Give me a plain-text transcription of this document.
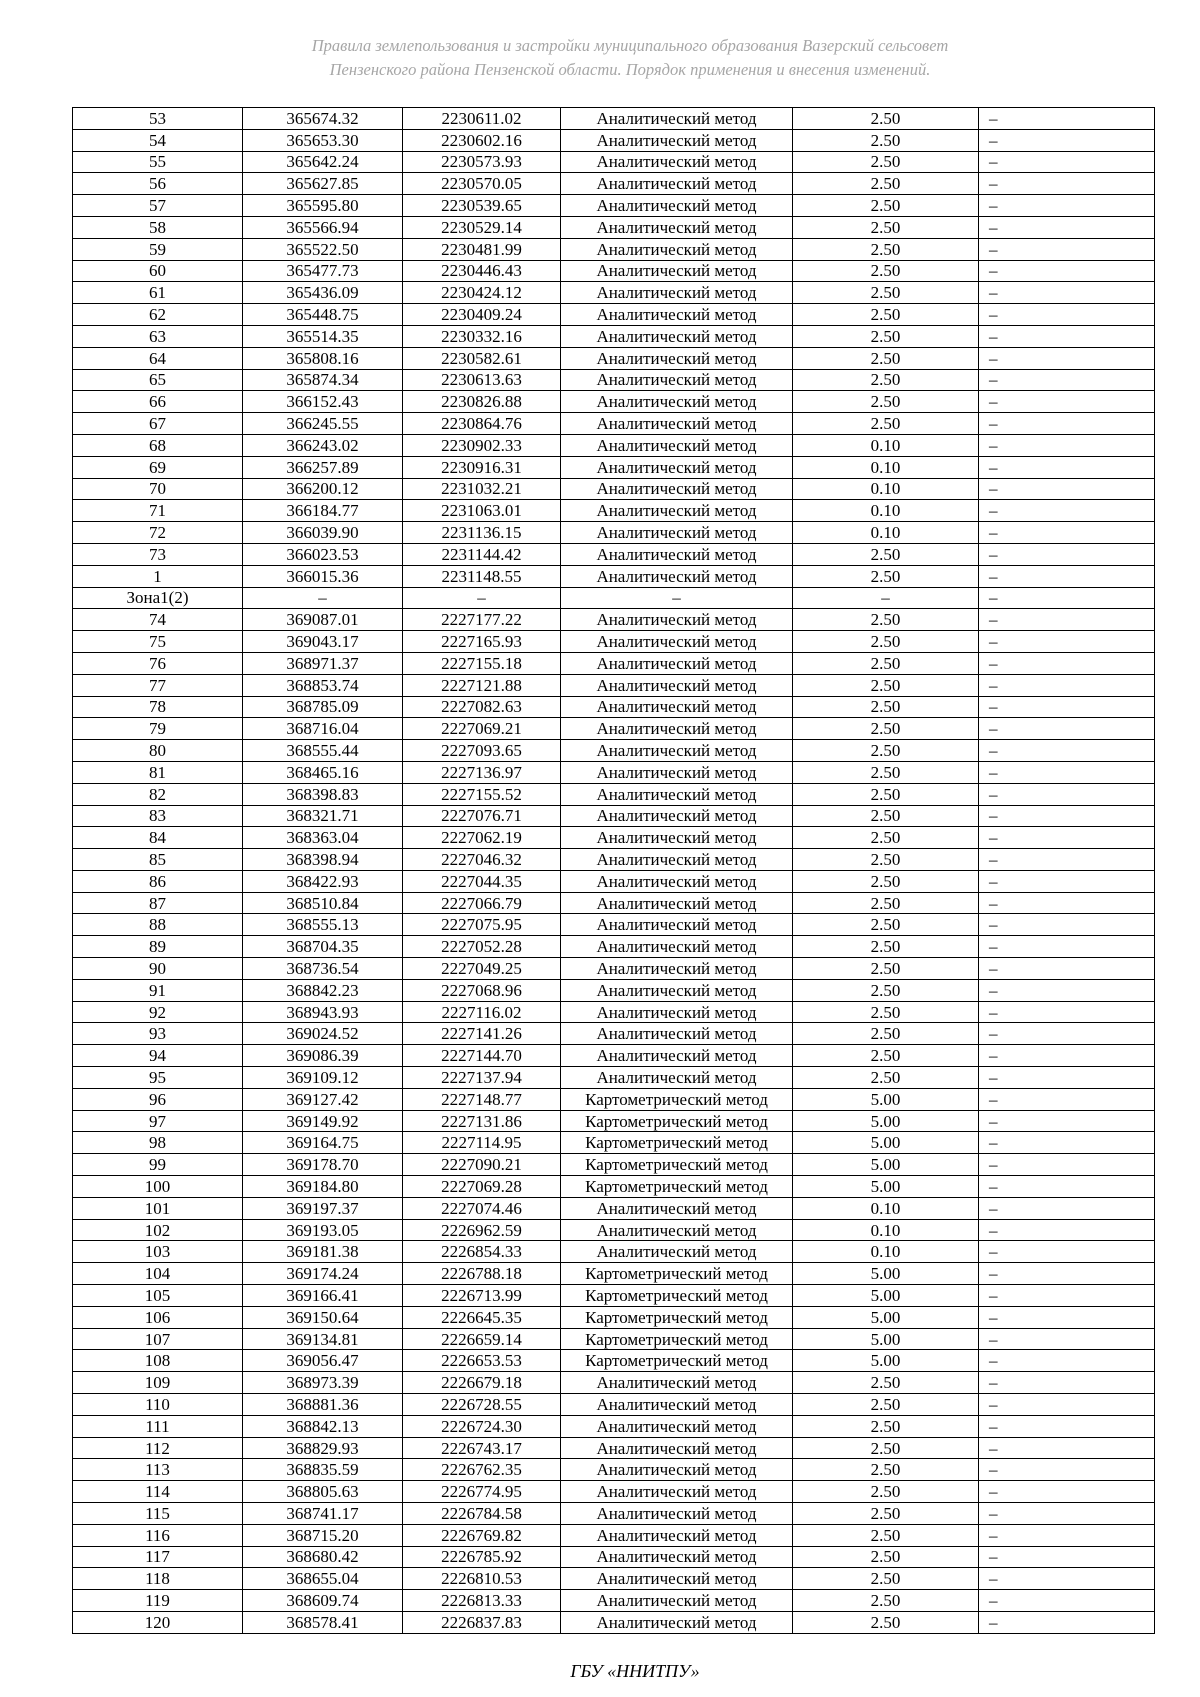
Правила землепользования и застройки муниципального образования Вазерский сельсовет
Пензенского района Пензенской области. Порядок применения и внесения изменений.
53	365674.32	2230611.02	Аналитический метод	2.50	–
54	365653.30	2230602.16	Аналитический метод	2.50	–
55	365642.24	2230573.93	Аналитический метод	2.50	–
56	365627.85	2230570.05	Аналитический метод	2.50	–
57	365595.80	2230539.65	Аналитический метод	2.50	–
58	365566.94	2230529.14	Аналитический метод	2.50	–
59	365522.50	2230481.99	Аналитический метод	2.50	–
60	365477.73	2230446.43	Аналитический метод	2.50	–
61	365436.09	2230424.12	Аналитический метод	2.50	–
62	365448.75	2230409.24	Аналитический метод	2.50	–
63	365514.35	2230332.16	Аналитический метод	2.50	–
64	365808.16	2230582.61	Аналитический метод	2.50	–
65	365874.34	2230613.63	Аналитический метод	2.50	–
66	366152.43	2230826.88	Аналитический метод	2.50	–
67	366245.55	2230864.76	Аналитический метод	2.50	–
68	366243.02	2230902.33	Аналитический метод	0.10	–
69	366257.89	2230916.31	Аналитический метод	0.10	–
70	366200.12	2231032.21	Аналитический метод	0.10	–
71	366184.77	2231063.01	Аналитический метод	0.10	–
72	366039.90	2231136.15	Аналитический метод	0.10	–
73	366023.53	2231144.42	Аналитический метод	2.50	–
1	366015.36	2231148.55	Аналитический метод	2.50	–
Зона1(2)	–	–	–	–	–
74	369087.01	2227177.22	Аналитический метод	2.50	–
75	369043.17	2227165.93	Аналитический метод	2.50	–
76	368971.37	2227155.18	Аналитический метод	2.50	–
77	368853.74	2227121.88	Аналитический метод	2.50	–
78	368785.09	2227082.63	Аналитический метод	2.50	–
79	368716.04	2227069.21	Аналитический метод	2.50	–
80	368555.44	2227093.65	Аналитический метод	2.50	–
81	368465.16	2227136.97	Аналитический метод	2.50	–
82	368398.83	2227155.52	Аналитический метод	2.50	–
83	368321.71	2227076.71	Аналитический метод	2.50	–
84	368363.04	2227062.19	Аналитический метод	2.50	–
85	368398.94	2227046.32	Аналитический метод	2.50	–
86	368422.93	2227044.35	Аналитический метод	2.50	–
87	368510.84	2227066.79	Аналитический метод	2.50	–
88	368555.13	2227075.95	Аналитический метод	2.50	–
89	368704.35	2227052.28	Аналитический метод	2.50	–
90	368736.54	2227049.25	Аналитический метод	2.50	–
91	368842.23	2227068.96	Аналитический метод	2.50	–
92	368943.93	2227116.02	Аналитический метод	2.50	–
93	369024.52	2227141.26	Аналитический метод	2.50	–
94	369086.39	2227144.70	Аналитический метод	2.50	–
95	369109.12	2227137.94	Аналитический метод	2.50	–
96	369127.42	2227148.77	Картометрический метод	5.00	–
97	369149.92	2227131.86	Картометрический метод	5.00	–
98	369164.75	2227114.95	Картометрический метод	5.00	–
99	369178.70	2227090.21	Картометрический метод	5.00	–
100	369184.80	2227069.28	Картометрический метод	5.00	–
101	369197.37	2227074.46	Аналитический метод	0.10	–
102	369193.05	2226962.59	Аналитический метод	0.10	–
103	369181.38	2226854.33	Аналитический метод	0.10	–
104	369174.24	2226788.18	Картометрический метод	5.00	–
105	369166.41	2226713.99	Картометрический метод	5.00	–
106	369150.64	2226645.35	Картометрический метод	5.00	–
107	369134.81	2226659.14	Картометрический метод	5.00	–
108	369056.47	2226653.53	Картометрический метод	5.00	–
109	368973.39	2226679.18	Аналитический метод	2.50	–
110	368881.36	2226728.55	Аналитический метод	2.50	–
111	368842.13	2226724.30	Аналитический метод	2.50	–
112	368829.93	2226743.17	Аналитический метод	2.50	–
113	368835.59	2226762.35	Аналитический метод	2.50	–
114	368805.63	2226774.95	Аналитический метод	2.50	–
115	368741.17	2226784.58	Аналитический метод	2.50	–
116	368715.20	2226769.82	Аналитический метод	2.50	–
117	368680.42	2226785.92	Аналитический метод	2.50	–
118	368655.04	2226810.53	Аналитический метод	2.50	–
119	368609.74	2226813.33	Аналитический метод	2.50	–
120	368578.41	2226837.83	Аналитический метод	2.50	–
ГБУ «ННИТПУ»
